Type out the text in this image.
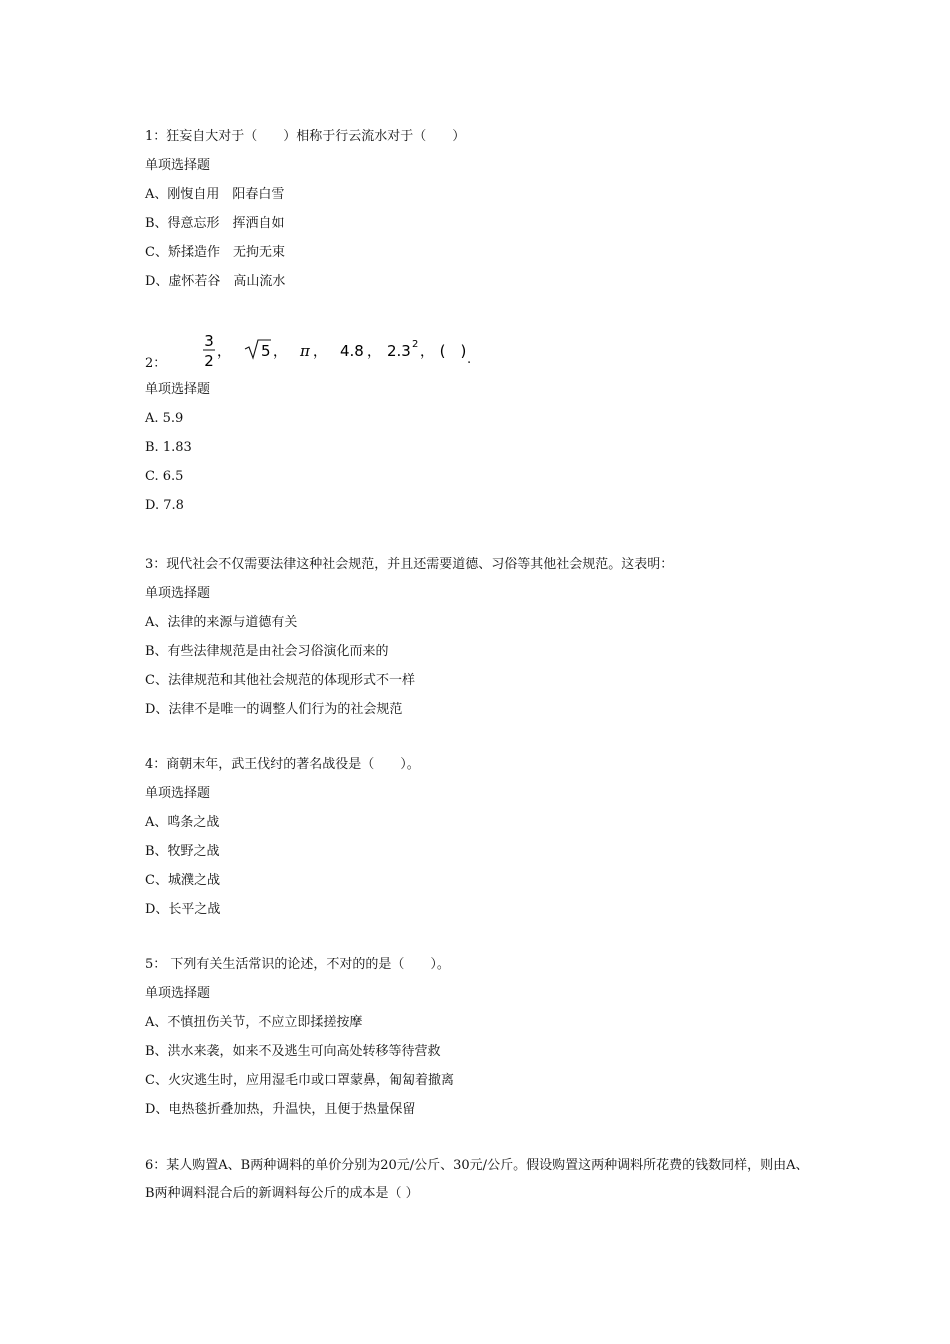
1：狂妄自大对于（　　）相称于行云流水对于（　　）
单项选择题
A、刚愎自用　阳春白雪
B、得意忘形　挥洒自如
C、矫揉造作　无拘无束
D、虚怀若谷　高山流水
2：
3
2 ， 5 ， π ， 4.8 ， 2.3 2 ， (　) .
单项选择题
A. 5.9
B. 1.83
C. 6.5
D. 7.8
3：现代社会不仅需要法律这种社会规范，并且还需要道德、习俗等其他社会规范。这表明：
单项选择题
A、法律的来源与道德有关
B、有些法律规范是由社会习俗演化而来的
C、法律规范和其他社会规范的体现形式不一样
D、法律不是唯一的调整人们行为的社会规范
4：商朝末年，武王伐纣的著名战役是（　　）。
单项选择题
A、鸣条之战
B、牧野之战
C、城濮之战
D、长平之战
5： 下列有关生活常识的论述，不对的的是（　　）。
单项选择题
A、不慎扭伤关节，不应立即揉搓按摩
B、洪水来袭，如来不及逃生可向高处转移等待营救
C、火灾逃生时，应用湿毛巾或口罩蒙鼻，匍匐着撤离
D、电热毯折叠加热，升温快，且便于热量保留
6：某人购置A、B两种调料的单价分别为20元/公斤、30元/公斤。假设购置这两种调料所花费的钱数同样，则由A、B两种调料混合后的新调料每公斤的成本是（ ）
